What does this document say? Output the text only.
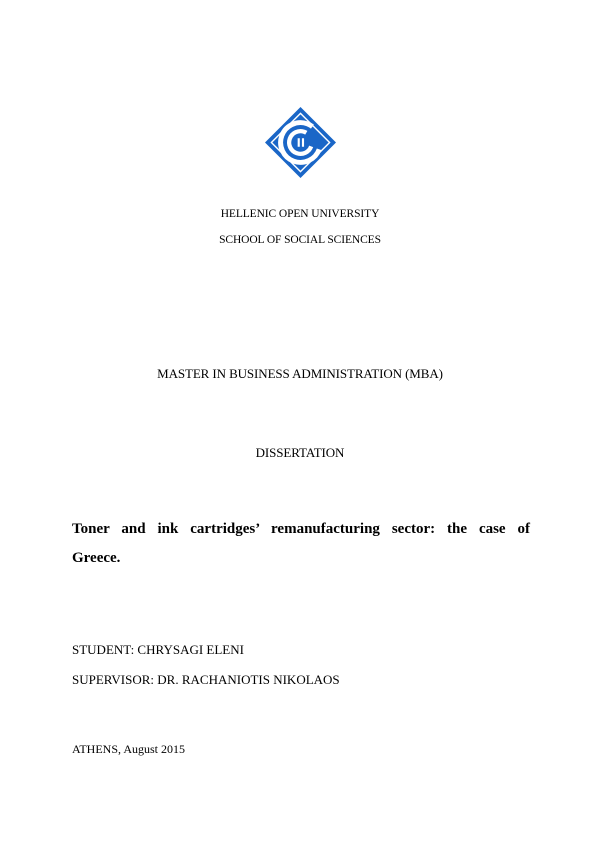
HELLENIC OPEN UNIVERSITY
SCHOOL OF SOCIAL SCIENCES
MASTER IN BUSINESS ADMINISTRATION (MBA)
DISSERTATION
Toner and ink cartridges’ remanufacturing sector: the case of Greece.
STUDENT: CHRYSAGI ELENI
SUPERVISOR: DR. RACHANIOTIS NIKOLAOS
ATHENS, August 2015
